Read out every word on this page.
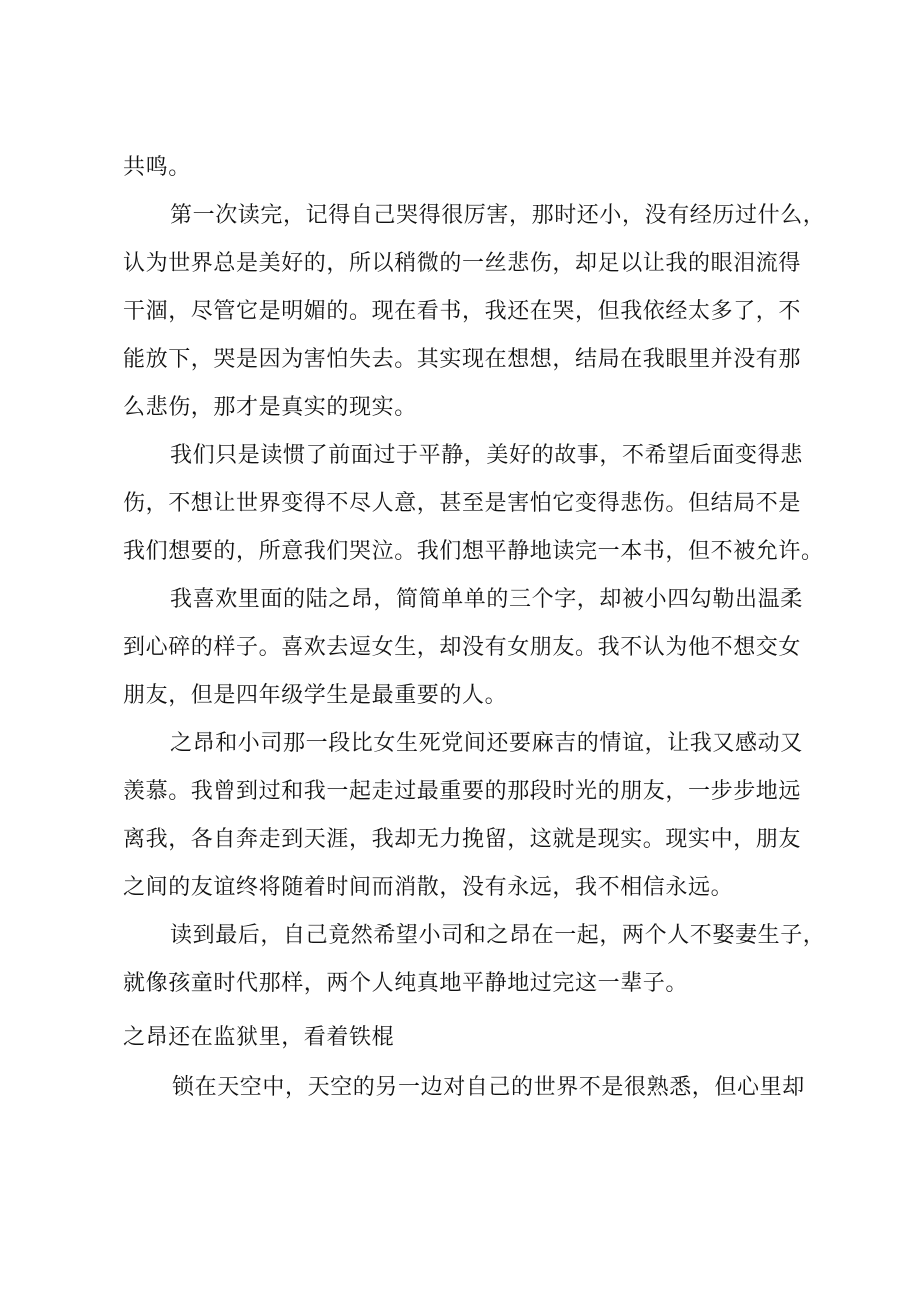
共鸣。

第一次读完，记得自己哭得很厉害，那时还小，没有经历过什么，

认为世界总是美好的，所以稍微的一丝悲伤，却足以让我的眼泪流得

干涸，尽管它是明媚的。现在看书，我还在哭，但我依经太多了，不

能放下，哭是因为害怕失去。其实现在想想，结局在我眼里并没有那

么悲伤，那才是真实的现实。

我们只是读惯了前面过于平静，美好的故事，不希望后面变得悲

伤，不想让世界变得不尽人意，甚至是害怕它变得悲伤。但结局不是

我们想要的，所意我们哭泣。我们想平静地读完一本书，但不被允许。

我喜欢里面的陆之昂，简简单单的三个字，却被小四勾勒出温柔

到心碎的样子。喜欢去逗女生，却没有女朋友。我不认为他不想交女

朋友，但是四年级学生是最重要的人。

之昂和小司那一段比女生死党间还要麻吉的情谊，让我又感动又

羡慕。我曾到过和我一起走过最重要的那段时光的朋友，一步步地远

离我，各自奔走到天涯，我却无力挽留，这就是现实。现实中，朋友

之间的友谊终将随着时间而消散，没有永远，我不相信永远。

读到最后，自己竟然希望小司和之昂在一起，两个人不娶妻生子，

就像孩童时代那样，两个人纯真地平静地过完这一辈子。

之昂还在监狱里，看着铁棍

锁在天空中，天空的另一边对自己的世界不是很熟悉，但心里却
